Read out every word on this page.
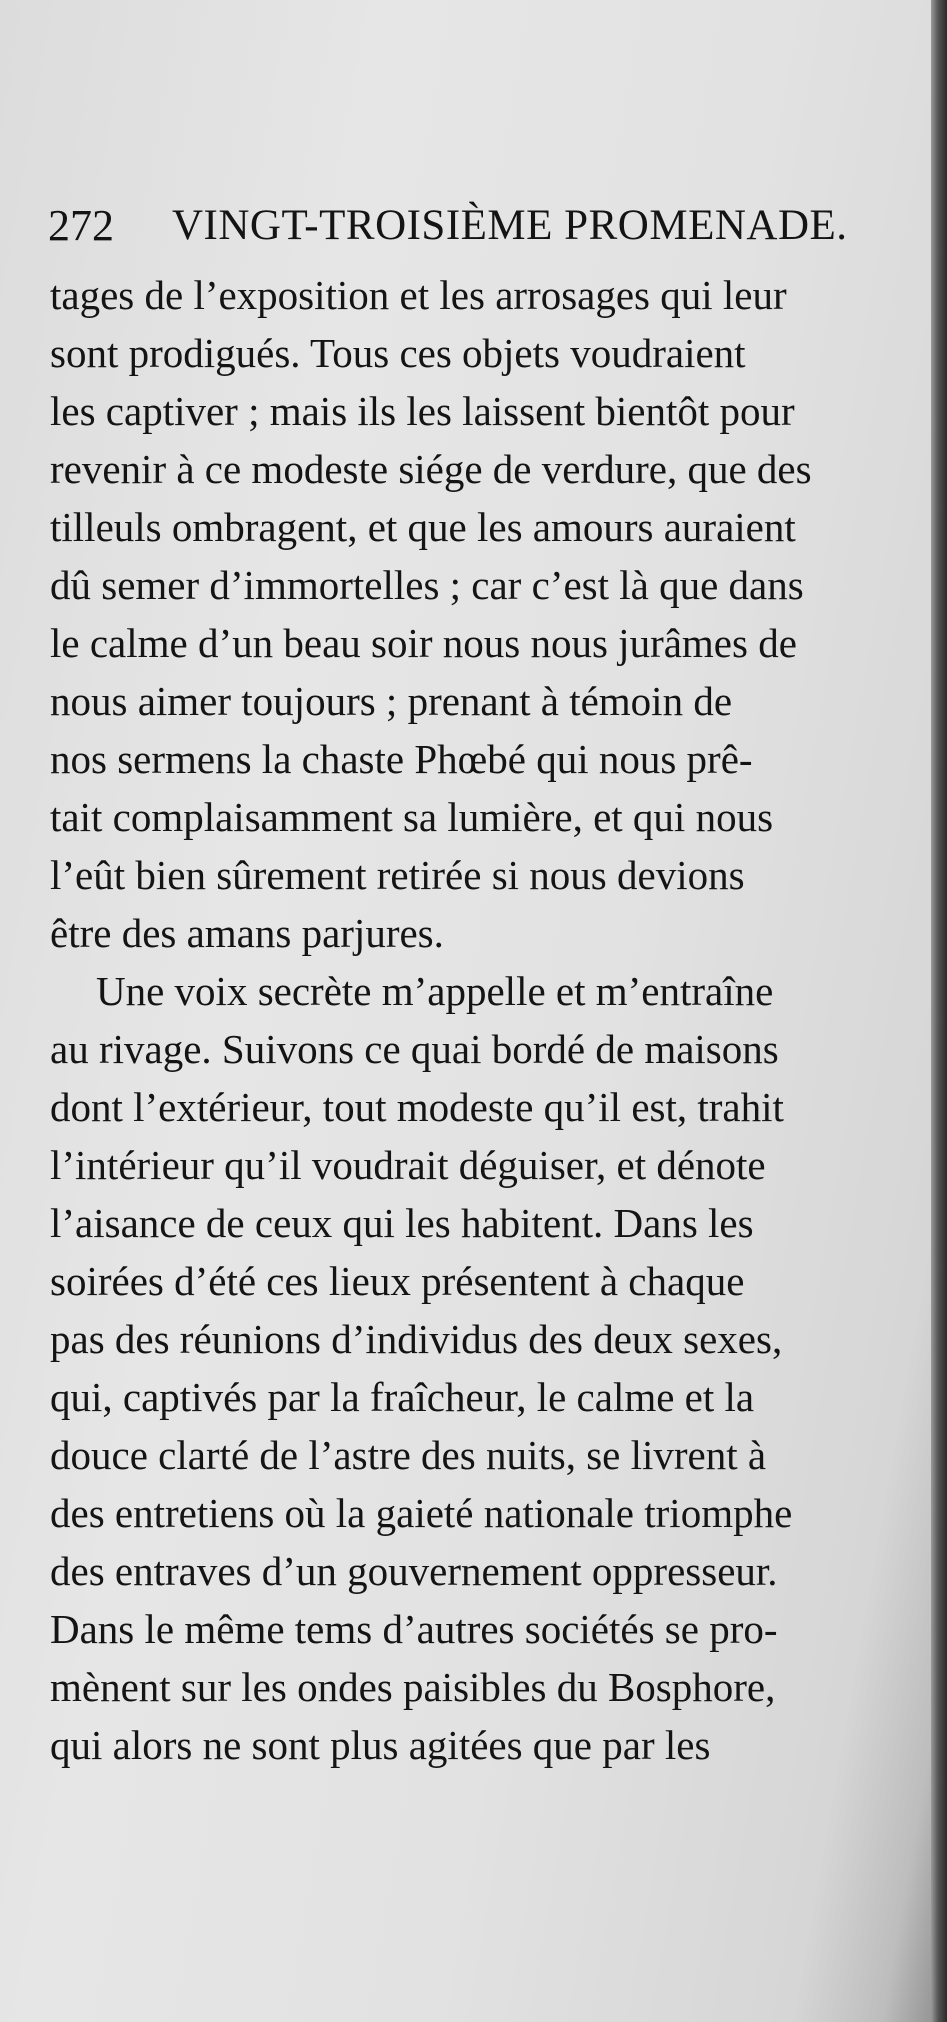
272 VINGT-TROISIÈME PROMENADE.
tages de l’exposition et les arrosages qui leur
sont prodigués. Tous ces objets voudraient
les captiver ; mais ils les laissent bientôt pour
revenir à ce modeste siége de verdure, que des
tilleuls ombragent, et que les amours auraient
dû semer d’immortelles ; car c’est là que dans
le calme d’un beau soir nous nous jurâmes de
nous aimer toujours ; prenant à témoin de
nos sermens la chaste Phœbé qui nous prê-
tait complaisamment sa lumière, et qui nous
l’eût bien sûrement retirée si nous devions
être des amans parjures.
Une voix secrète m’appelle et m’entraîne
au rivage. Suivons ce quai bordé de maisons
dont l’extérieur, tout modeste qu’il est, trahit
l’intérieur qu’il voudrait déguiser, et dénote
l’aisance de ceux qui les habitent. Dans les
soirées d’été ces lieux présentent à chaque
pas des réunions d’individus des deux sexes,
qui, captivés par la fraîcheur, le calme et la
douce clarté de l’astre des nuits, se livrent à
des entretiens où la gaieté nationale triomphe
des entraves d’un gouvernement oppresseur.
Dans le même tems d’autres sociétés se pro-
mènent sur les ondes paisibles du Bosphore,
qui alors ne sont plus agitées que par les
